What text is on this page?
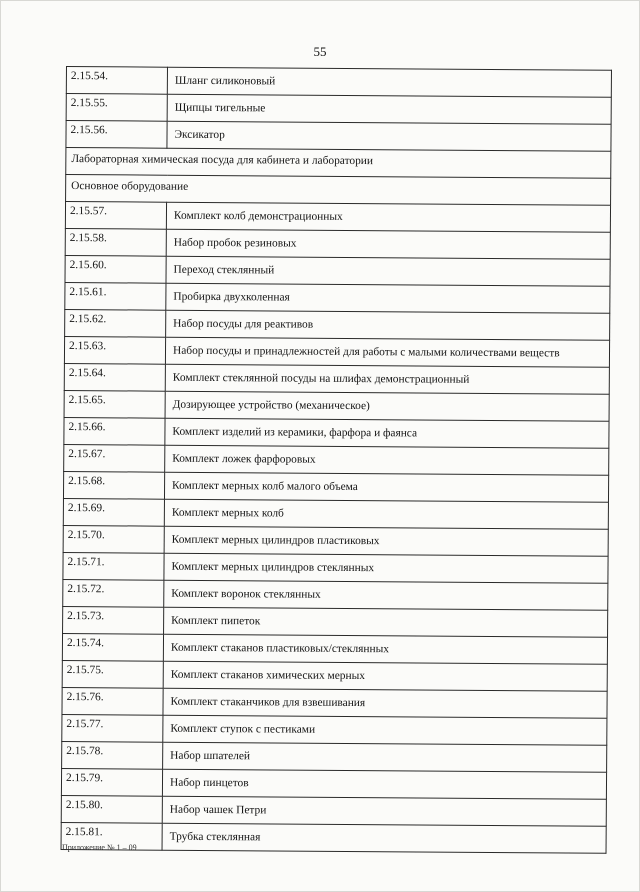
55
2.15.54.	Шланг силиконовый
2.15.55.	Щипцы тигельные
2.15.56.	Эксикатор
Лабораторная химическая посуда для кабинета и лаборатории	
Основное оборудование	
2.15.57.	Комплект колб демонстрационных
2.15.58.	Набор пробок резиновых
2.15.60.	Переход стеклянный
2.15.61.	Пробирка двухколенная
2.15.62.	Набор посуды для реактивов
2.15.63.	Набор посуды и принадлежностей для работы с малыми количествами веществ
2.15.64.	Комплект стеклянной посуды на шлифах демонстрационный
2.15.65.	Дозирующее устройство (механическое)
2.15.66.	Комплект изделий из керамики, фарфора и фаянса
2.15.67.	Комплект ложек фарфоровых
2.15.68.	Комплект мерных колб малого объема
2.15.69.	Комплект мерных колб
2.15.70.	Комплект мерных цилиндров пластиковых
2.15.71.	Комплект мерных цилиндров стеклянных
2.15.72.	Комплект воронок стеклянных
2.15.73.	Комплект пипеток
2.15.74.	Комплект стаканов пластиковых/стеклянных
2.15.75.	Комплект стаканов химических мерных
2.15.76.	Комплект стаканчиков для взвешивания
2.15.77.	Комплект ступок с пестиками
2.15.78.	Набор шпателей
2.15.79.	Набор пинцетов
2.15.80.	Набор чашек Петри
2.15.81.	Трубка стеклянная
Приложение № 1 – 09
